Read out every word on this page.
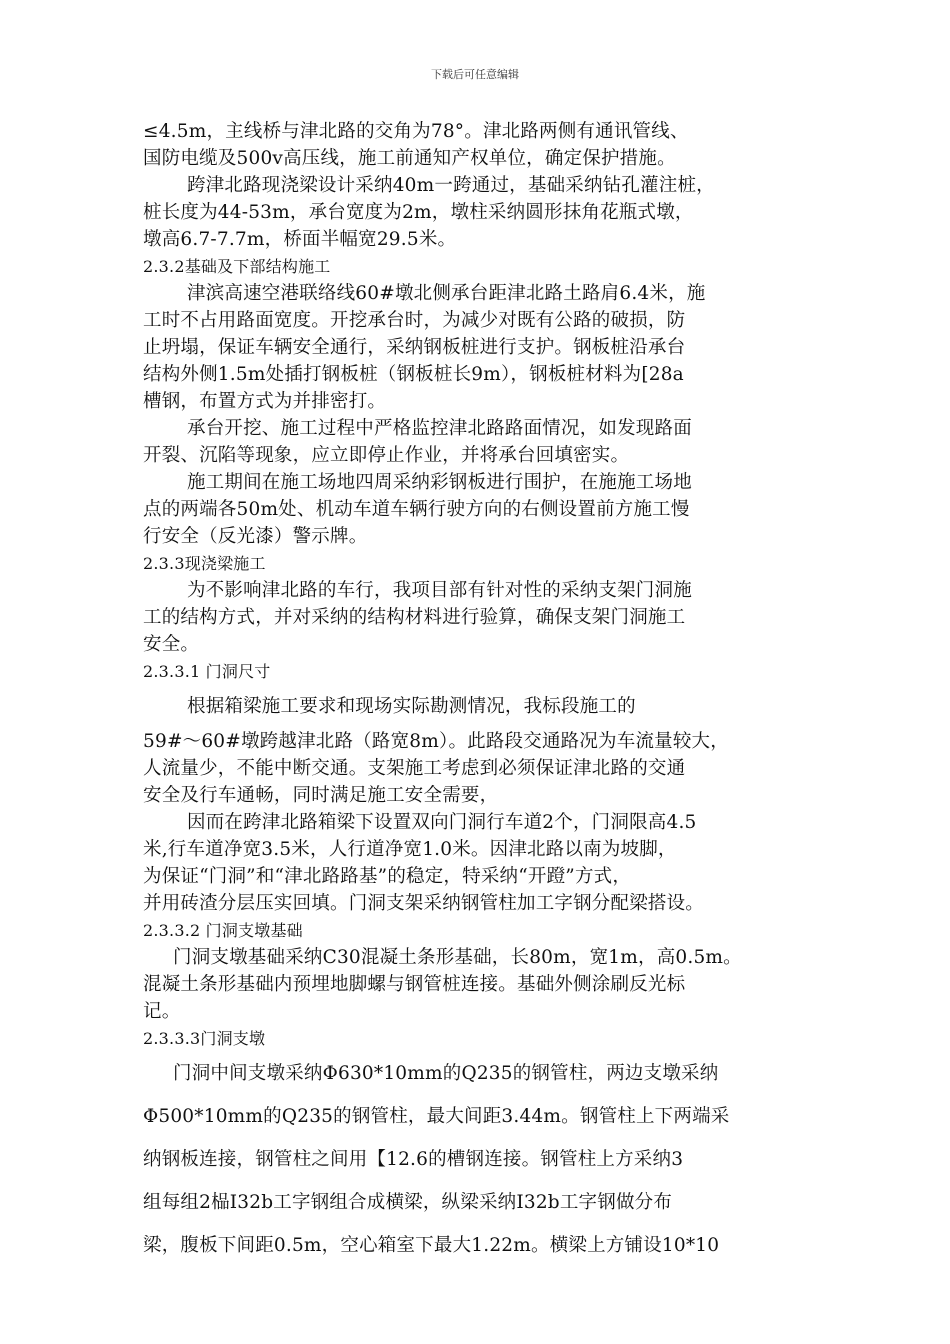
下载后可任意编辑
≤4.5m，主线桥与津北路的交角为78°。津北路两侧有通讯管线、
国防电缆及500v高压线，施工前通知产权单位，确定保护措施。
跨津北路现浇梁设计采纳40m一跨通过，基础采纳钻孔灌注桩，
桩长度为44-53m，承台宽度为2m，墩柱采纳圆形抹角花瓶式墩，
墩高6.7-7.7m，桥面半幅宽29.5米。
2.3.2基础及下部结构施工
津滨高速空港联络线60#墩北侧承台距津北路土路肩6.4米，施
工时不占用路面宽度。开挖承台时，为减少对既有公路的破损，防
止坍塌，保证车辆安全通行，采纳钢板桩进行支护。钢板桩沿承台
结构外侧1.5m处插打钢板桩（钢板桩长9m），钢板桩材料为[28a
槽钢，布置方式为并排密打。
承台开挖、施工过程中严格监控津北路路面情况，如发现路面
开裂、沉陷等现象，应立即停止作业，并将承台回填密实。
施工期间在施工场地四周采纳彩钢板进行围护，在施施工场地
点的两端各50m处、机动车道车辆行驶方向的右侧设置前方施工慢
行安全（反光漆）警示牌。
2.3.3现浇梁施工
为不影响津北路的车行，我项目部有针对性的采纳支架门洞施
工的结构方式，并对采纳的结构材料进行验算，确保支架门洞施工
安全。
2.3.3.1 门洞尺寸
根据箱梁施工要求和现场实际勘测情况，我标段施工的
59#～60#墩跨越津北路（路宽8m）。此路段交通路况为车流量较大，
人流量少，不能中断交通。支架施工考虑到必须保证津北路的交通
安全及行车通畅，同时满足施工安全需要，
因而在跨津北路箱梁下设置双向门洞行车道2个，门洞限高4.5
米,行车道净宽3.5米，人行道净宽1.0米。因津北路以南为坡脚，
为保证“门洞”和“津北路路基”的稳定，特采纳“开蹬”方式，
并用砖渣分层压实回填。门洞支架采纳钢管柱加工字钢分配梁搭设。
2.3.3.2 门洞支墩基础
门洞支墩基础采纳C30混凝土条形基础，长80m，宽1m，高0.5m。
混凝土条形基础内预埋地脚螺与钢管桩连接。基础外侧涂刷反光标
记。
2.3.3.3门洞支墩
门洞中间支墩采纳Φ630*10mm的Q235的钢管柱，两边支墩采纳
Φ500*10mm的Q235的钢管柱，最大间距3.44m。钢管柱上下两端采
纳钢板连接，钢管柱之间用【12.6的槽钢连接。钢管柱上方采纳3
组每组2榀I32b工字钢组合成横梁，纵梁采纳I32b工字钢做分布
梁，腹板下间距0.5m，空心箱室下最大1.22m。横梁上方铺设10*10
